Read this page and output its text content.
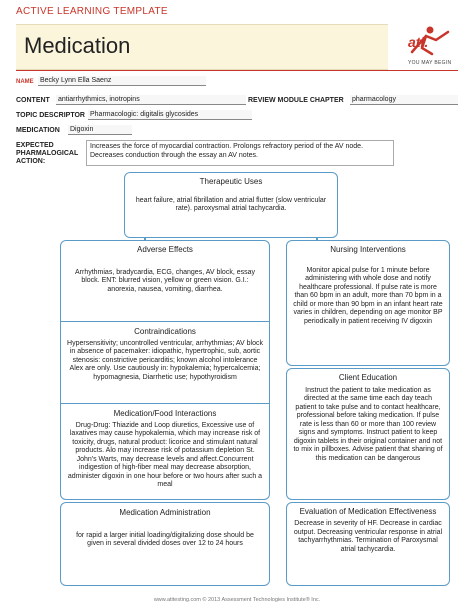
ACTIVE LEARNING TEMPLATE
Medication	ati.
YOU MAY BEGIN
NAME Becky Lynn Ella Saenz
CONTENT antiarrhythmics, inotropins	REVIEW MODULE CHAPTER pharmacology
TOPIC DESCRIPTOR Pharmacologic: digitalis glycosides
MEDICATION Digoxin
EXPECTED PHARMALOGICAL ACTION:
Increases the force of myocardial contraction. Prolongs refractory period of the AV node. Decreases conduction through the essay an AV notes.
Therapeutic Uses
heart failure, atrial fibrillation and atrial flutter (slow ventricular rate). paroxysmal atrial tachycardia.
Adverse Effects
Arrhythmias, bradycardia, ECG, changes, AV block, essay block. ENT: blurred vision, yellow or green vision. G.I.: anorexia, nausea, vomiting, diarrhea.
Contraindications
Hypersensitivity; uncontrolled ventricular, arrhythmias; AV block in absence of pacemaker: idiopathic, hypertrophic, sub, aortic stenosis: constrictive pericarditis; known alcohol intolerance Alex are only. Use cautiously in: hypokalemia; hypercalcemia; hypomagnesia, Diarrhetic use; hypothyroidism
Medication/Food Interactions
Drug-Drug: Thiazide and Loop diuretics, Excessive use of laxatives may cause hypokalemia, which may increase risk of toxicity, drugs, natural product: licorice and stimulant natural products. Alo may increase risk of potassium depletion St. John's Warts, may decrease levels and affect.Concurrent indigestion of high-fiber meal may decrease absorption, administer digoxin in one hour before or two hours after such a meal
Nursing Interventions
Monitor apical pulse for 1 minute before administering with whole dose and notify healthcare professional. If pulse rate is more than 60 bpm in an adult, more than 70 bpm in a child or more than 90 bpm in an infant heart rate varies in children, depending on age monitor BP periodically in patient receiving IV digoxin
Client Education
Instruct the patient to take medication as directed at the same time each day teach patient to take pulse and to contact healthcare, professional before taking medication. If pulse rate is less than 60 or more than 100 review signs and symptoms. Instruct patient to keep digoxin tablets in their original container and not to mix in pillboxes. Advise patient that sharing of this medication can be dangerous
Medication Administration
for rapid a larger initial loading/digitalizing dose should be given in several divided doses over 12 to 24 hours
Evaluation of Medication Effectiveness
Decrease in severity of HF. Decrease in cardiac output. Decreasing ventricular response in atrial tachyarrhythmias. Termination of Paroxysmal atrial tachycardia.
www.atitesting.com © 2013 Assessment Technologies Institute® Inc.
